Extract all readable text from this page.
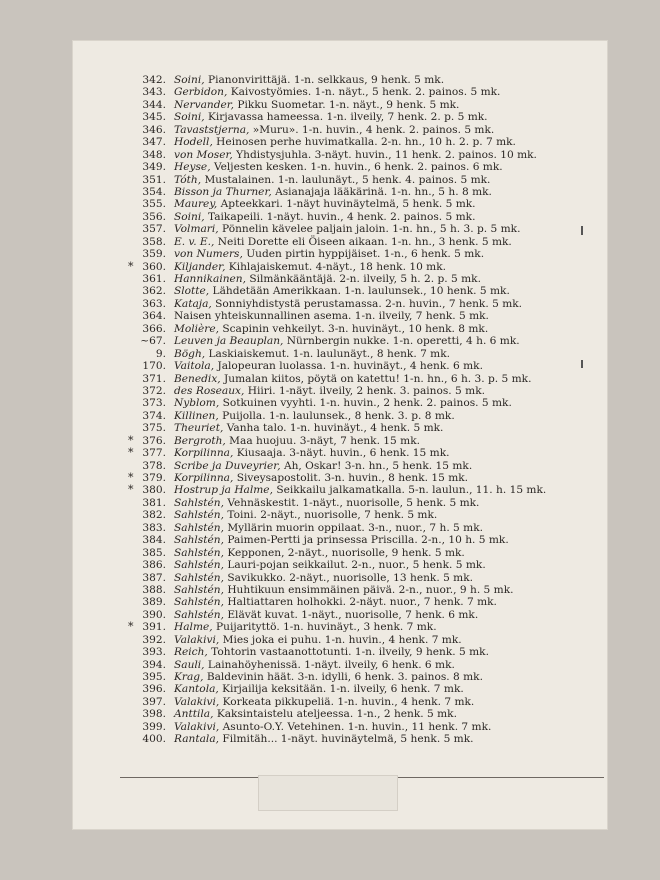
342. Soini, Pianonvirittäjä. 1-n. selkkaus, 9 henk. 5 mk.
343. Gerbidon, Kaivostyömies. 1-n. näyt., 5 henk. 2. painos. 5 mk.
344. Nervander, Pikku Suometar. 1-n. näyt., 9 henk. 5 mk.
345. Soini, Kirjavassa hameessa. 1-n. ilveily, 7 henk. 2. p. 5 mk.
346. Tavaststjerna, »Muru». 1-n. huvin., 4 henk. 2. painos. 5 mk.
347. Hodell, Heinosen perhe huvimatkalla. 2-n. hn., 10 h. 2. p. 7 mk.
348. von Moser, Yhdistysjuhla. 3-näyt. huvin., 11 henk. 2. painos. 10 mk.
349. Heyse, Veljesten kesken. 1-n. huvin., 6 henk. 2. painos. 6 mk.
351. Tóth, Mustalainen. 1-n. laulunäyt., 5 henk. 4. painos. 5 mk.
354. Bisson ja Thurner, Asianajaja lääkärinä. 1-n. hn., 5 h. 8 mk.
355. Maurey, Apteekkari. 1-näyt huvinäytelmä, 5 henk. 5 mk.
356. Soini, Taikapeili. 1-näyt. huvin., 4 henk. 2. painos. 5 mk.
357. Volmari, Pönnelin kävelee paljain jaloin. 1-n. hn., 5 h. 3. p. 5 mk.
358. E. v. E., Neiti Dorette eli Öiseen aikaan. 1-n. hn., 3 henk. 5 mk.
359. von Numers, Uuden pirtin hyppijäiset. 1-n., 6 henk. 5 mk.
* 360. Kiljander, Kihlajaiskemut. 4-näyt., 18 henk. 10 mk.
361. Hannikainen, Silmänkääntäjä. 2-n. ilveily, 5 h. 2. p. 5 mk.
362. Slotte, Lähdetään Amerikkaan. 1-n. laulunsek., 10 henk. 5 mk.
363. Kataja, Sonniyhdistystä perustamassa. 2-n. huvin., 7 henk. 5 mk.
364. Naisen yhteiskunnallinen asema. 1-n. ilveily, 7 henk. 5 mk.
366. Molière, Scapinin vehkeilyt. 3-n. huvinäyt., 10 henk. 8 mk.
~67. Leuven ja Beauplan, Nürnbergin nukke. 1-n. operetti, 4 h. 6 mk.
9. Bögh, Laskiaiskemut. 1-n. laulunäyt., 8 henk. 7 mk.
170. Vaitola, Jalopeuran luolassa. 1-n. huvinäyt., 4 henk. 6 mk.
371. Benedix, Jumalan kiitos, pöytä on katettu! 1-n. hn., 6 h. 3. p. 5 mk.
372. des Roseaux, Hiiri. 1-näyt. ilveily, 2 henk. 3. painos. 5 mk.
373. Nyblom, Sotkuinen vyyhti. 1-n. huvin., 2 henk. 2. painos. 5 mk.
374. Killinen, Puijolla. 1-n. laulunsek., 8 henk. 3. p. 8 mk.
375. Theuriet, Vanha talo. 1-n. huvinäyt., 4 henk. 5 mk.
* 376. Bergroth, Maa huojuu. 3-näyt, 7 henk. 15 mk.
* 377. Korpilinna, Kiusaaja. 3-näyt. huvin., 6 henk. 15 mk.
378. Scribe ja Duveyrier, Ah, Oskar! 3-n. hn., 5 henk. 15 mk.
* 379. Korpilinna, Siveysapostolit. 3-n. huvin., 8 henk. 15 mk.
* 380. Hostrup ja Halme, Seikkailu jalkamatkalla. 5-n. laulun., 11. h. 15 mk.
381. Sahlstén, Vehnäskestit. 1-näyt., nuorisolle, 5 henk. 5 mk.
382. Sahlstén, Toini. 2-näyt., nuorisolle, 7 henk. 5 mk.
383. Sahlstén, Myllärin muorin oppilaat. 3-n., nuor., 7 h. 5 mk.
384. Sahlstén, Paimen-Pertti ja prinsessa Priscilla. 2-n., 10 h. 5 mk.
385. Sahlstén, Kepponen, 2-näyt., nuorisolle, 9 henk. 5 mk.
386. Sahlstén, Lauri-pojan seikkailut. 2-n., nuor., 5 henk. 5 mk.
387. Sahlstén, Savikukko. 2-näyt., nuorisolle, 13 henk. 5 mk.
388. Sahlstén, Huhtikuun ensimmäinen päivä. 2-n., nuor., 9 h. 5 mk.
389. Sahlstén, Haltiattaren holhokki. 2-näyt. nuor., 7 henk. 7 mk.
390. Sahlstén, Elävät kuvat. 1-näyt., nuorisolle, 7 henk. 6 mk.
* 391. Halme, Puijarityttö. 1-n. huvinäyt., 3 henk. 7 mk.
392. Valakivi, Mies joka ei puhu. 1-n. huvin., 4 henk. 7 mk.
393. Reich, Tohtorin vastaanottotunti. 1-n. ilveily, 9 henk. 5 mk.
394. Sauli, Lainahöyhenissä. 1-näyt. ilveily, 6 henk. 6 mk.
395. Krag, Baldevinin häät. 3-n. idylli, 6 henk. 3. painos. 8 mk.
396. Kantola, Kirjailija keksitään. 1-n. ilveily, 6 henk. 7 mk.
397. Valakivi, Korkeata pikkupeliä. 1-n. huvin., 4 henk. 7 mk.
398. Anttila, Kaksintaistelu ateljeessa. 1-n., 2 henk. 5 mk.
399. Valakivi, Asunto-O.Y. Vetehinen. 1-n. huvin., 11 henk. 7 mk.
400. Rantala, Filmitäh... 1-näyt. huvinäytelmä, 5 henk. 5 mk.
